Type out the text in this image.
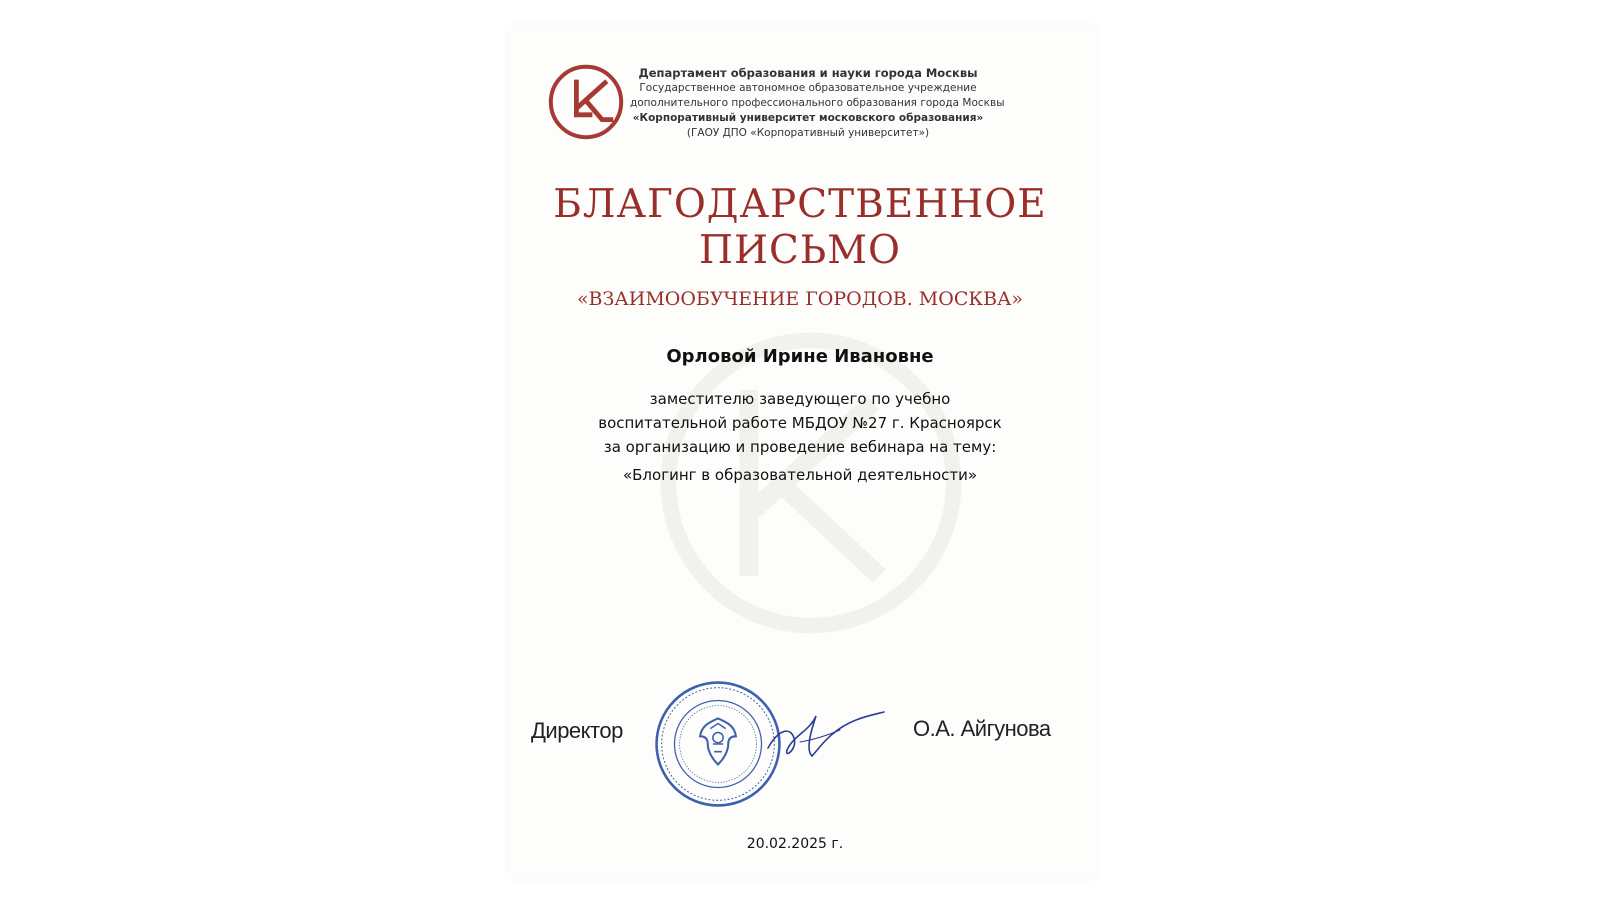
Департамент образования и науки города Москвы
Государственное автономное образовательное учреждение
дополнительного профессионального образования города Москвы
«Корпоративный университет московского образования»
(ГАОУ ДПО «Корпоративный университет»)
БЛАГОДАРСТВЕННОЕ
ПИСЬМО
«ВЗАИМООБУЧЕНИЕ ГОРОДОВ. МОСКВА»
Орловой Ирине Ивановне
заместителю заведующего по учебно
воспитательной работе МБДОУ №27 г. Красноярск
за организацию и проведение вебинара на тему:
«Блогинг в образовательной деятельности»
Директор	О.А. Айгунова
20.02.2025 г.
